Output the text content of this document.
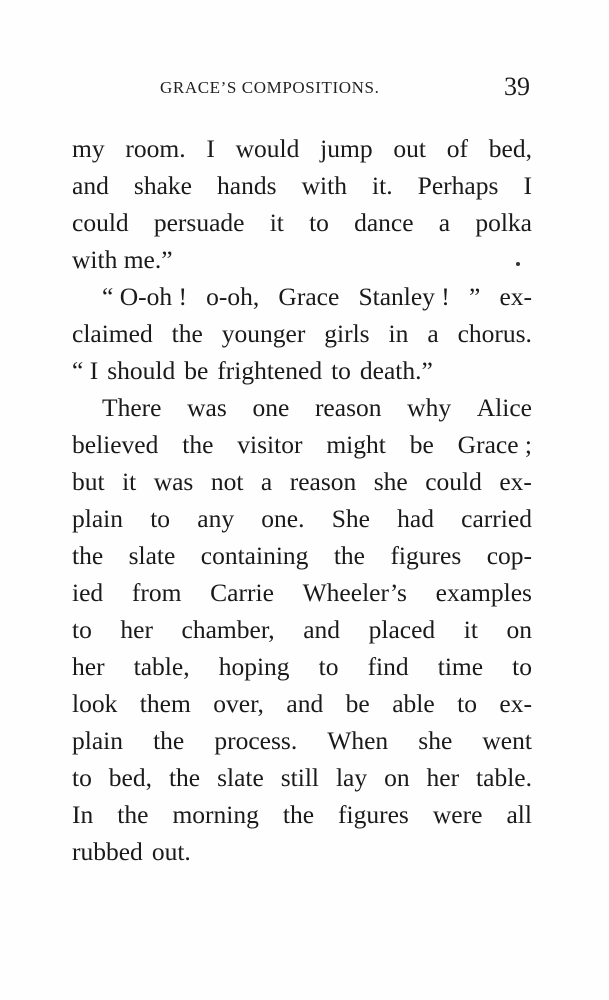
GRACE’S COMPOSITIONS.	39
my room. I would jump out of bed,
and shake hands with it. Perhaps I
could persuade it to dance a polka
with me.”
“ O-oh ! o-oh, Grace Stanley ! ” ex-
claimed the younger girls in a chorus.
“ I should be frightened to death.”
There was one reason why Alice
believed the visitor might be Grace ;
but it was not a reason she could ex-
plain to any one. She had carried
the slate containing the figures cop-
ied from Carrie Wheeler’s examples
to her chamber, and placed it on
her table, hoping to find time to
look them over, and be able to ex-
plain the process. When she went
to bed, the slate still lay on her table.
In the morning the figures were all
rubbed out.
